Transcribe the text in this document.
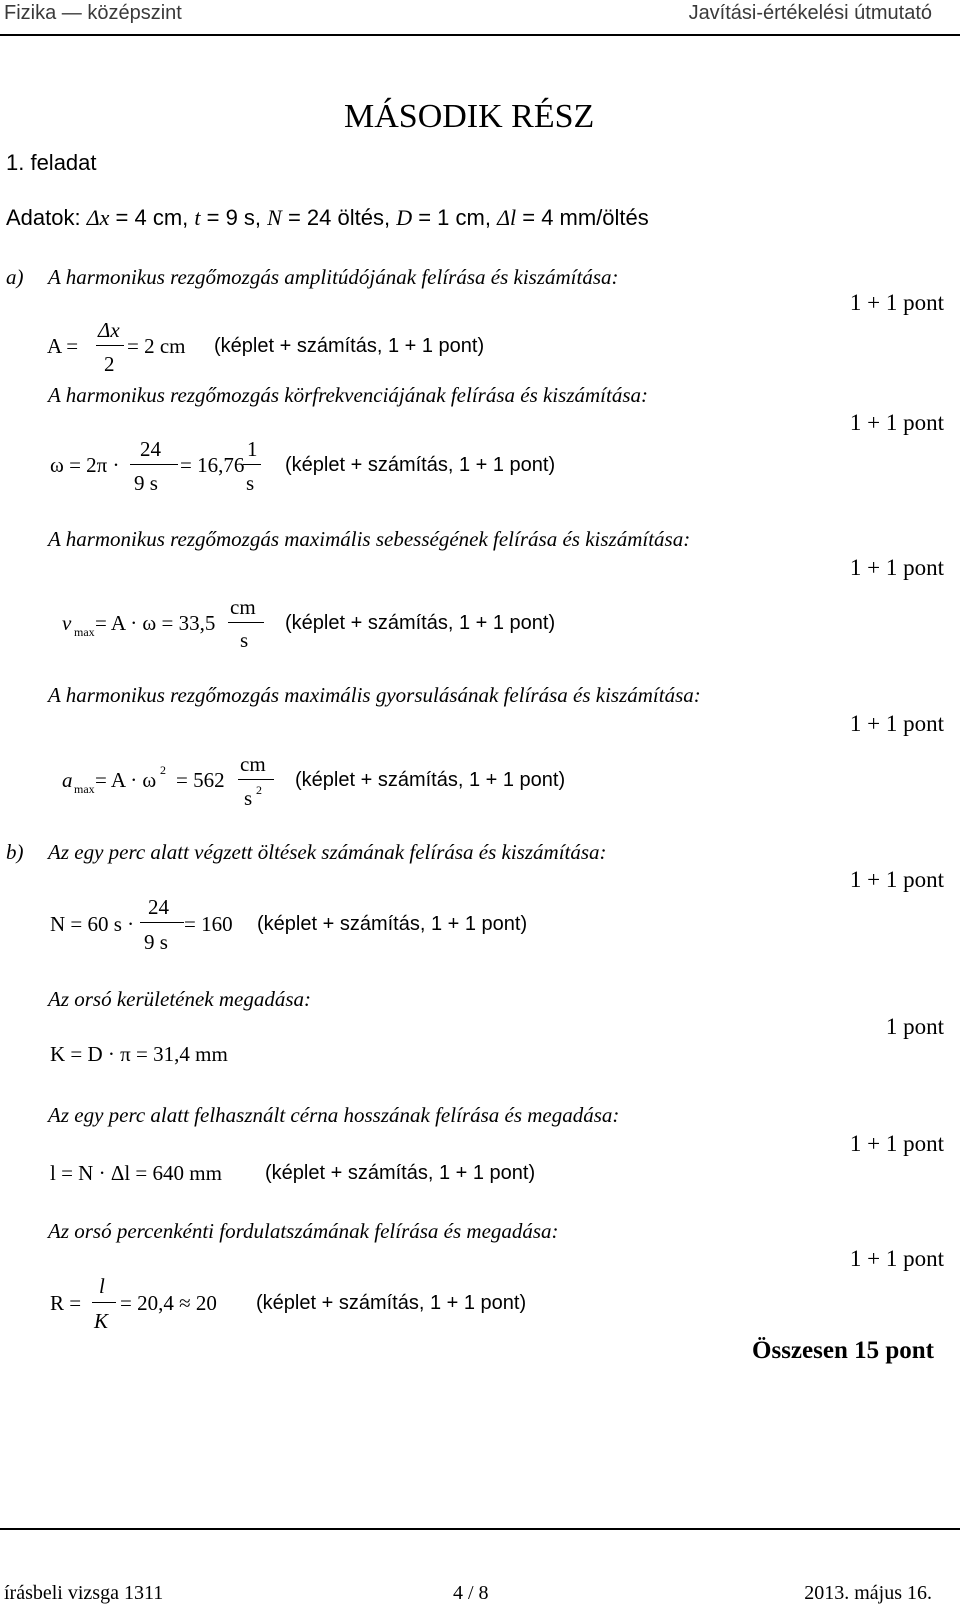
Fizika — középszint	Javítási-értékelési útmutató
MÁSODIK RÉSZ
1. feladat
Adatok: Δx = 4 cm, t = 9 s, N = 24 öltés, D = 1 cm, Δl = 4 mm/öltés
a) A harmonikus rezgőmozgás amplitúdójának felírása és kiszámítása:
1 + 1 pont
A =
Δx
2
= 2 cm (képlet + számítás, 1 + 1 pont)
A harmonikus rezgőmozgás körfrekvenciájának felírása és kiszámítása:
1 + 1 pont
ω = 2π ·
24
9 s
= 16,76
1
s
(képlet + számítás, 1 + 1 pont)
A harmonikus rezgőmozgás maximális sebességének felírása és kiszámítása:
1 + 1 pont
v max = A · ω = 33,5
cm
s
(képlet + számítás, 1 + 1 pont)
A harmonikus rezgőmozgás maximális gyorsulásának felírása és kiszámítása:
1 + 1 pont
a max = A · ω 2 = 562
cm
s 2 (képlet + számítás, 1 + 1 pont)
b) Az egy perc alatt végzett öltések számának felírása és kiszámítása:
1 + 1 pont
N = 60 s ·
24
9 s
= 160 (képlet + számítás, 1 + 1 pont)
Az orsó kerületének megadása:
1 pont
K = D · π = 31,4 mm
Az egy perc alatt felhasznált cérna hosszának felírása és megadása:
1 + 1 pont
l = N · Δl = 640 mm (képlet + számítás, 1 + 1 pont)
Az orsó percenkénti fordulatszámának felírása és megadása:
1 + 1 pont
R =
l
K
= 20,4 ≈ 20 (képlet + számítás, 1 + 1 pont)
Összesen 15 pont
írásbeli vizsga 1311	4 / 8	2013. május 16.
